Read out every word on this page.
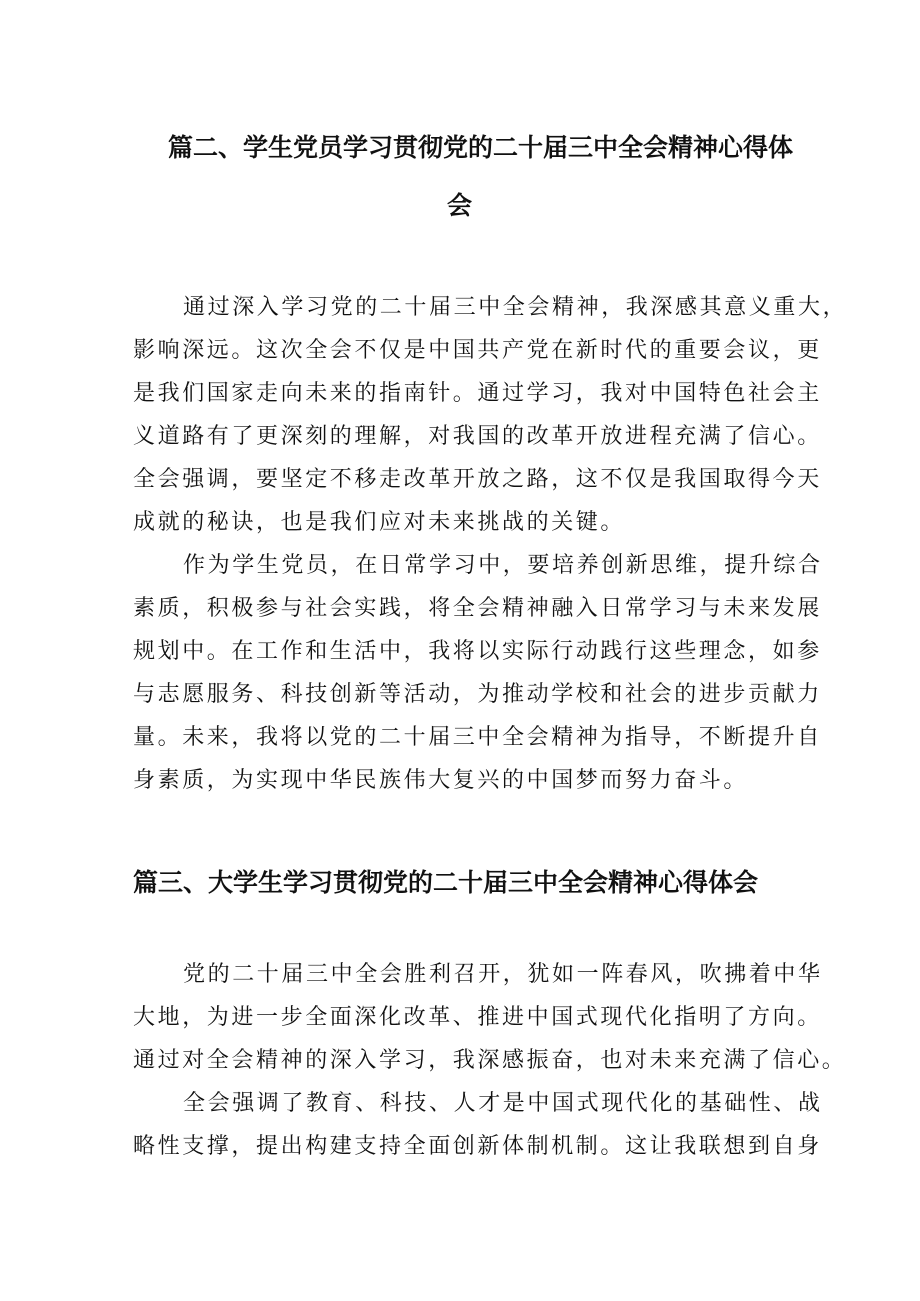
篇二、学生党员学习贯彻党的二十届三中全会精神心得体
会
通过深入学习党的二十届三中全会精神，我深感其意义重大，
影响深远。这次全会不仅是中国共产党在新时代的重要会议，更
是我们国家走向未来的指南针。通过学习，我对中国特色社会主
义道路有了更深刻的理解，对我国的改革开放进程充满了信心。
全会强调，要坚定不移走改革开放之路，这不仅是我国取得今天
成就的秘诀，也是我们应对未来挑战的关键。
作为学生党员，在日常学习中，要培养创新思维，提升综合
素质，积极参与社会实践，将全会精神融入日常学习与未来发展
规划中。在工作和生活中，我将以实际行动践行这些理念，如参
与志愿服务、科技创新等活动，为推动学校和社会的进步贡献力
量。未来，我将以党的二十届三中全会精神为指导，不断提升自
身素质，为实现中华民族伟大复兴的中国梦而努力奋斗。
篇三、大学生学习贯彻党的二十届三中全会精神心得体会
党的二十届三中全会胜利召开，犹如一阵春风，吹拂着中华
大地，为进一步全面深化改革、推进中国式现代化指明了方向。
通过对全会精神的深入学习，我深感振奋，也对未来充满了信心。
全会强调了教育、科技、人才是中国式现代化的基础性、战
略性支撑，提出构建支持全面创新体制机制。这让我联想到自身
